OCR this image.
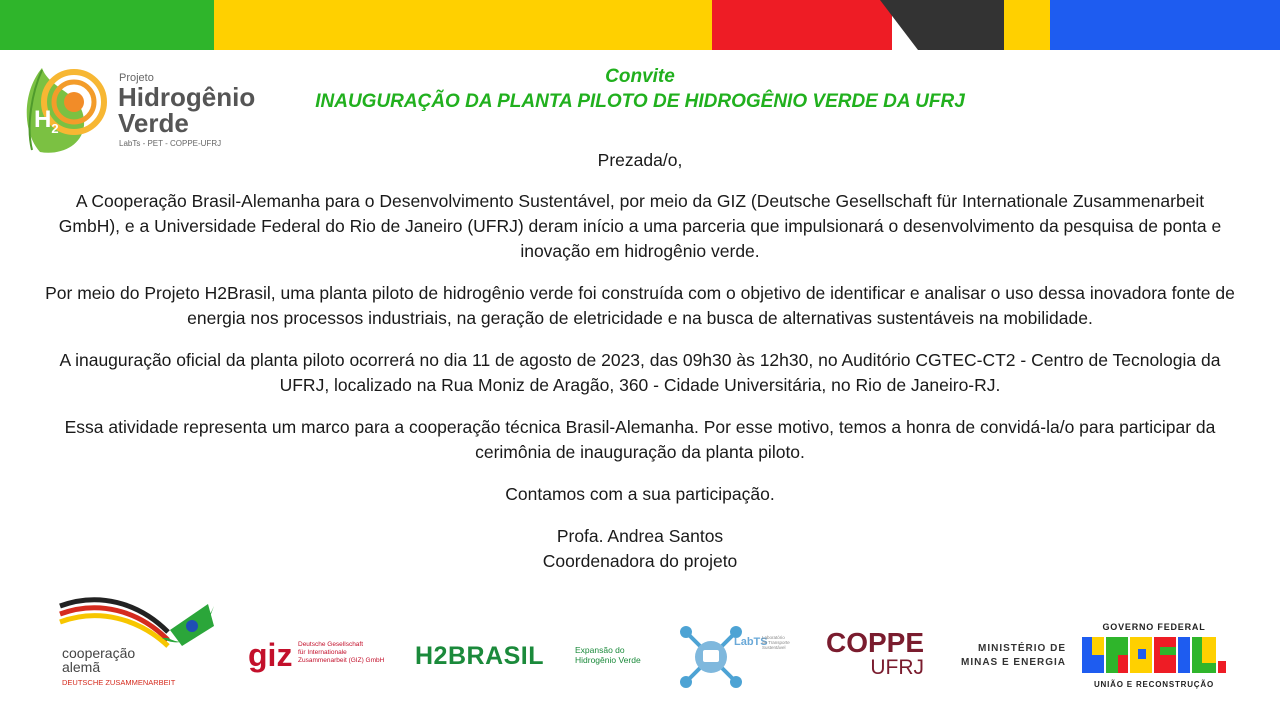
$H_2$
Projeto
Hidrogênio
Verde
LabTs - PET - COPPE-UFRJ
Convite
INAUGURAÇÃO DA PLANTA PILOTO DE HIDROGÊNIO VERDE DA UFRJ

Prezada/o,

A Cooperação Brasil-Alemanha para o Desenvolvimento Sustentável, por meio da GIZ (Deutsche Gesellschaft für Internationale Zusammenarbeit GmbH), e a Universidade Federal do Rio de Janeiro (UFRJ) deram início a uma parceria que impulsionará o desenvolvimento da pesquisa de ponta e inovação em hidrogênio verde.

Por meio do Projeto H2Brasil, uma planta piloto de hidrogênio verde foi construída com o objetivo de identificar e analisar o uso dessa inovadora fonte de energia nos processos industriais, na geração de eletricidade e na busca de alternativas sustentáveis na mobilidade.

A inauguração oficial da planta piloto ocorrerá no dia 11 de agosto de 2023, das 09h30 às 12h30, no Auditório CGTEC-CT2 - Centro de Tecnologia da UFRJ, localizado na Rua Moniz de Aragão, 360 - Cidade Universitária, no Rio de Janeiro-RJ.

Essa atividade representa um marco para a cooperação técnica Brasil-Alemanha. Por esse motivo, temos a honra de convidá-la/o para participar da cerimônia de inauguração da planta piloto.

Contamos com a sua participação.

Profa. Andrea Santos
Coordenadora do projeto
cooperação
alemã
DEUTSCHE ZUSAMMENARBEIT
giz Deutsche Gesellschaft
für Internationale
Zusammenarbeit (GIZ) GmbH H2BRASIL	Expansão do
Hidrogênio Verde
LabTS
Laboratório
de Transporte Sustentável	COPPE
UFRJ
MINISTÉRIO DE
MINAS E ENERGIA
GOVERNO FEDERAL
UNIÃO E RECONSTRUÇÃO
